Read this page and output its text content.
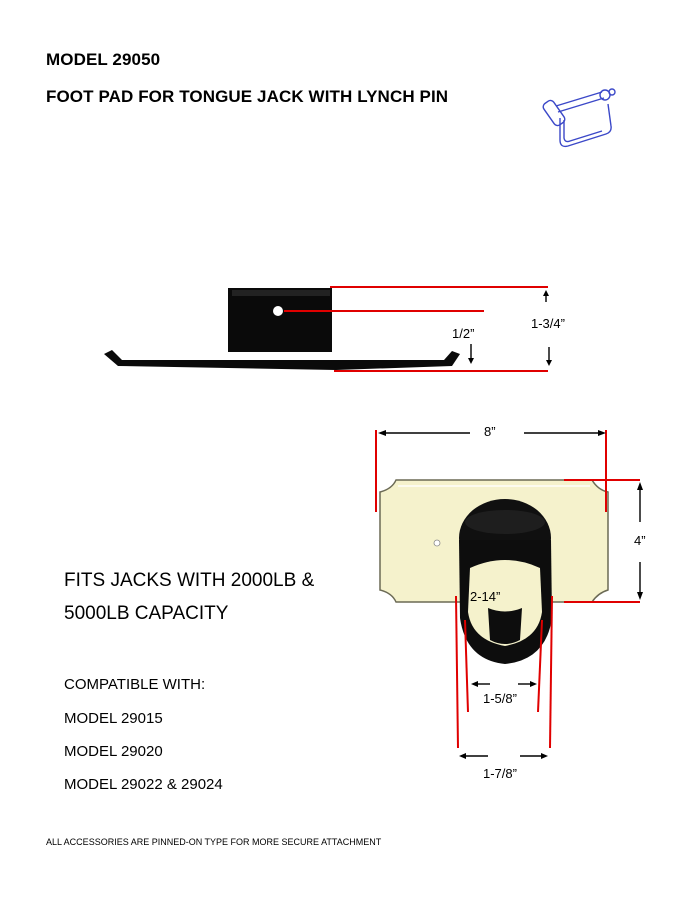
MODEL 29050
FOOT PAD FOR TONGUE JACK WITH LYNCH PIN
1/2”
1-3/4”
8”
4”
2-14”
1-5/8”
1-7/8”
FITS JACKS WITH 2000LB &
5000LB CAPACITY
COMPATIBLE WITH:
MODEL 29015
MODEL 29020
MODEL 29022 & 29024
ALL ACCESSORIES ARE PINNED-ON TYPE FOR MORE SECURE ATTACHMENT
